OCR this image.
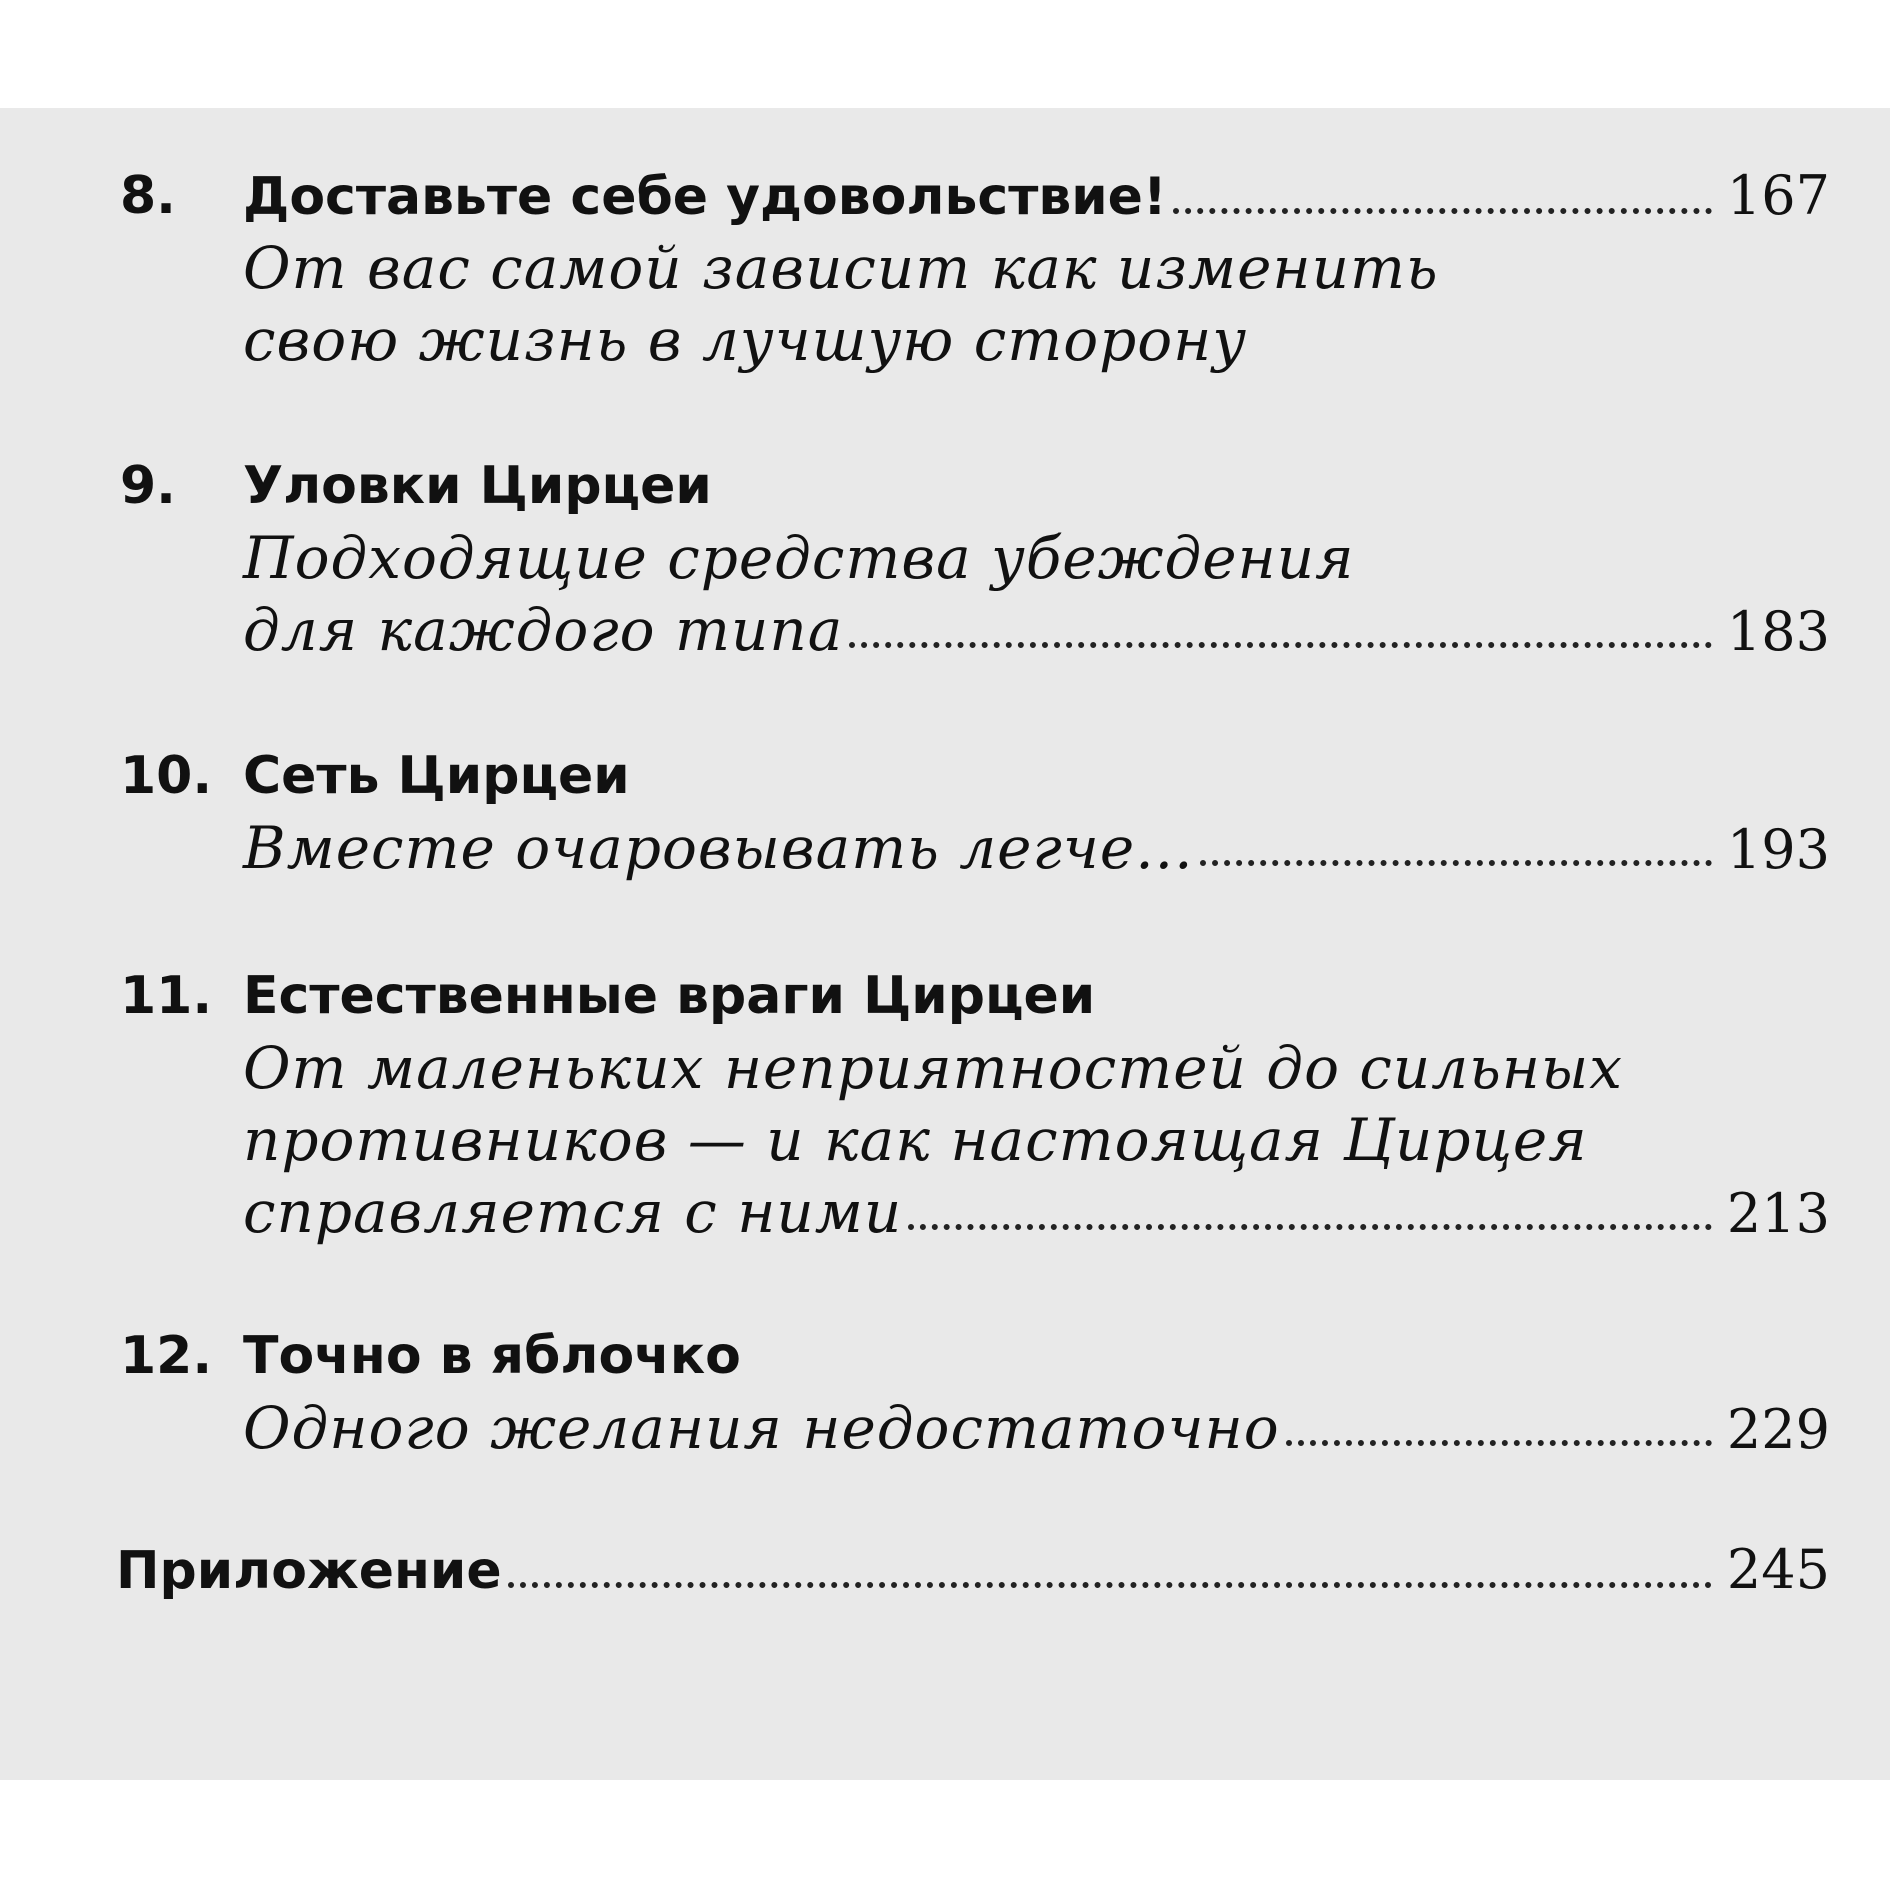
8. Доставьте себе удовольствие!	167
От вас самой зависит как изменить
свою жизнь в лучшую сторону
9. Уловки Цирцеи
Подходящие средства убеждения
для каждого типа	183
10. Сеть Цирцеи
Вместе очаровывать легче...	193
11. Естественные враги Цирцеи
От маленьких неприятностей до сильных
противников — и как настоящая Цирцея
справляется с ними	213
12. Точно в яблочко
Одного желания недостаточно	229
Приложение	245
